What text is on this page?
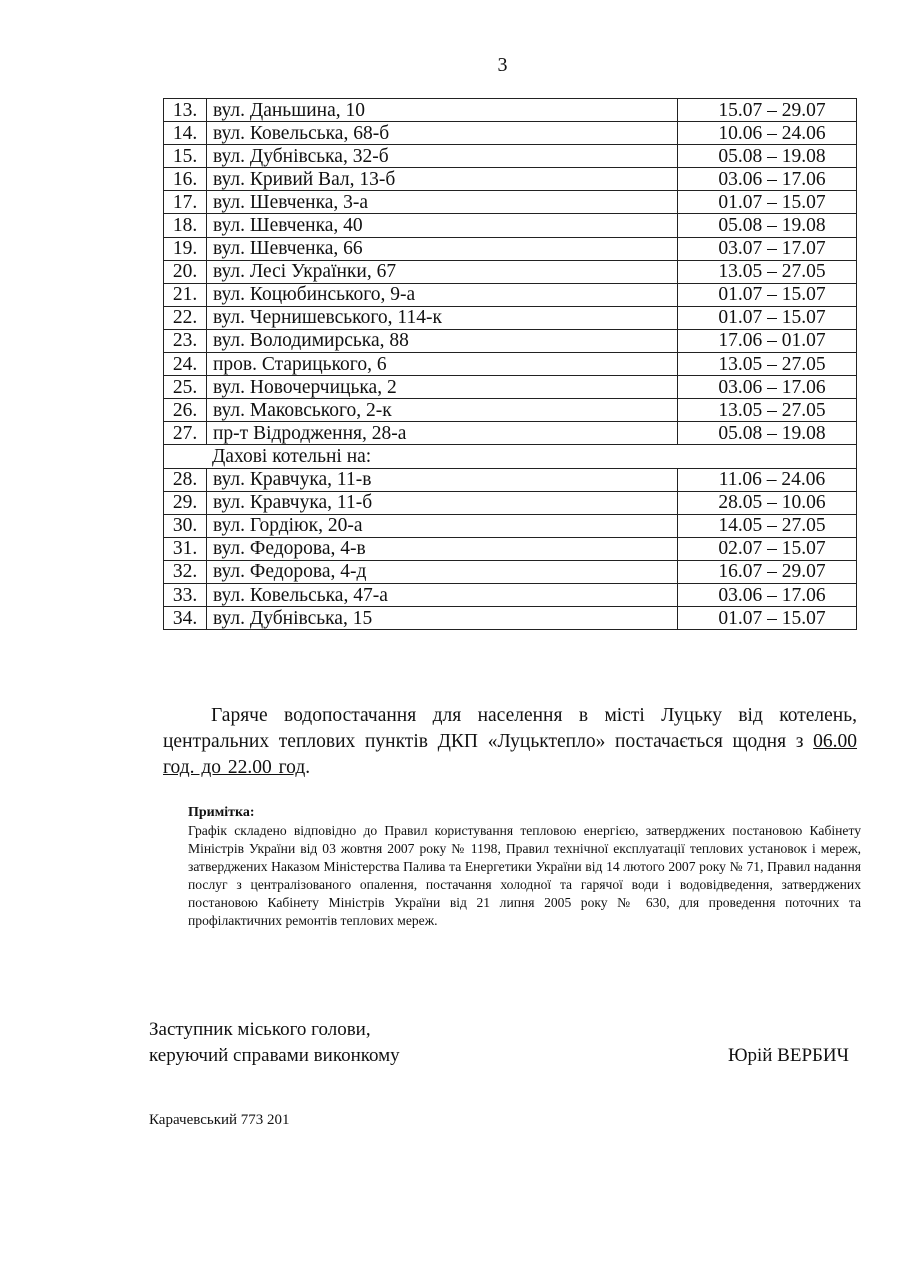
3
13.	вул. Даньшина, 10	15.07 – 29.07
14.	вул. Ковельська, 68-б	10.06 – 24.06
15.	вул. Дубнівська, 32-б	05.08 – 19.08
16.	вул. Кривий Вал, 13-б	03.06 – 17.06
17.	вул. Шевченка, 3-а	01.07 – 15.07
18.	вул. Шевченка, 40	05.08 – 19.08
19.	вул. Шевченка, 66	03.07 – 17.07
20.	вул. Лесі Українки, 67	13.05 – 27.05
21.	вул. Коцюбинського, 9-а	01.07 – 15.07
22.	вул. Чернишевського, 114-к	01.07 – 15.07
23.	вул. Володимирська, 88	17.06 – 01.07
24.	пров. Старицького, 6	13.05 – 27.05
25.	вул. Новочерчицька, 2	03.06 – 17.06
26.	вул. Маковського, 2-к	13.05 – 27.05
27.	пр-т Відродження, 28-а	05.08 – 19.08
Дахові котельні на:		
28.	вул. Кравчука, 11-в	11.06 – 24.06
29.	вул. Кравчука, 11-б	28.05 – 10.06
30.	вул. Гордіюк, 20-а	14.05 – 27.05
31.	вул. Федорова, 4-в	02.07 – 15.07
32.	вул. Федорова, 4-д	16.07 – 29.07
33.	вул. Ковельська, 47-а	03.06 – 17.06
34.	вул. Дубнівська, 15	01.07 – 15.07
Гаряче водопостачання для населення в місті Луцьку від котелень, центральних теплових пунктів ДКП «Луцьктепло» постачається щодня з 06.00 год. до 22.00 год.
Примітка:
Графік складено відповідно до Правил користування тепловою енергією, затверджених постановою Кабінету Міністрів України від 03 жовтня 2007 року № 1198, Правил технічної експлуатації теплових установок і мереж, затверджених Наказом Міністерства Палива та Енергетики України від 14 лютого 2007 року № 71, Правил надання послуг з централізованого опалення, постачання холодної та гарячої води і водовідведення, затверджених постановою Кабінету Міністрів України від 21 липня 2005 року № 630, для проведення поточних та профілактичних ремонтів теплових мереж.
Заступник міського голови,
керуючий справами виконкому	Юрій ВЕРБИЧ
Карачевський 773 201
